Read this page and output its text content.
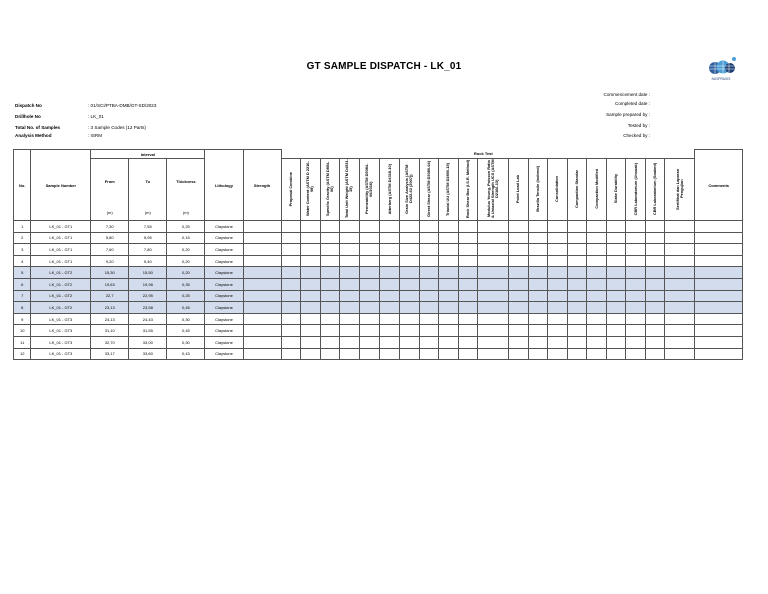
GT SAMPLE DISPATCH - LK_01
NUSPRAGIS
Dispatch No	: 01/SCI/PTBA-DMB/GT-SD/2023
Drillhole No	: LK_01
Total No. of Samples	: 3 Sample Codes (12 Parts)
Analysis Method	: ISRM
Commencement date :
Completed date :
Sample prepared by :
Tested by :
Checked by :
No.	Sample Number	Interval			Lithology	Strength								Rock Test													Comments
		From	To	Thickness			Proposal Combine	Water Content (ASTM D 2216-98)	Specific Gravity (ASTM D854-06)	Total Unit Weight (ASTM D4531-15)	Permeability (ASTM D5084-00/2016)	Atterberg (ASTM D4318-10)	Grain Size Analysis (ASTM D422-63 (2007))	Direct Shear (ASTM D3080-04)	Triaxial UU (ASTM D2850-15)	Rock Shear Box (I.S.R. Method)	Modulus Young, Poisson Ratio & Uniaxial Strength UCS (ASTM D2166-13)	Point Load Lab	Brazilia Tensile (Indirect)	Consolidation	Compaction Standar	Compaction Modified	Slake Durability	CBR Laboratorium (Unsoak)	CBR Laboratorium (Soaked)	Sertifikat dan Laporan Pengujian	
		(m)	(m)	(m)																							
1	LK_01 - GT1	7,30	7,55	0,25	Claystone																						
2	LK_01 - GT1	5,80	5,95	0,15	Claystone																						
3	LK_01 - GT1	7,60	7,80	0,20	Claystone																						
4	LK_01 - GT1	9,20	9,40	0,20	Claystone																						
5	LK_01 - GT2	15,30	15,50	0,20	Claystone																						
6	LK_01 - GT2	19,63	19,98	0,35	Claystone																						
7	LK_01 - GT2	22,7	22,95	0,25	Claystone																						
8	LK_01 - GT2	23,13	23,58	0,45	Claystone																						
9	LK_01 - GT3	24,13	24,43	0,30	Claystone																						
10	LK_01 - GT3	31,10	31,55	0,45	Claystone																						
11	LK_01 - GT3	32,70	33,00	0,30	Claystone																						
12	LK_01 - GT3	33,17	33,60	0,43	Claystone																						
